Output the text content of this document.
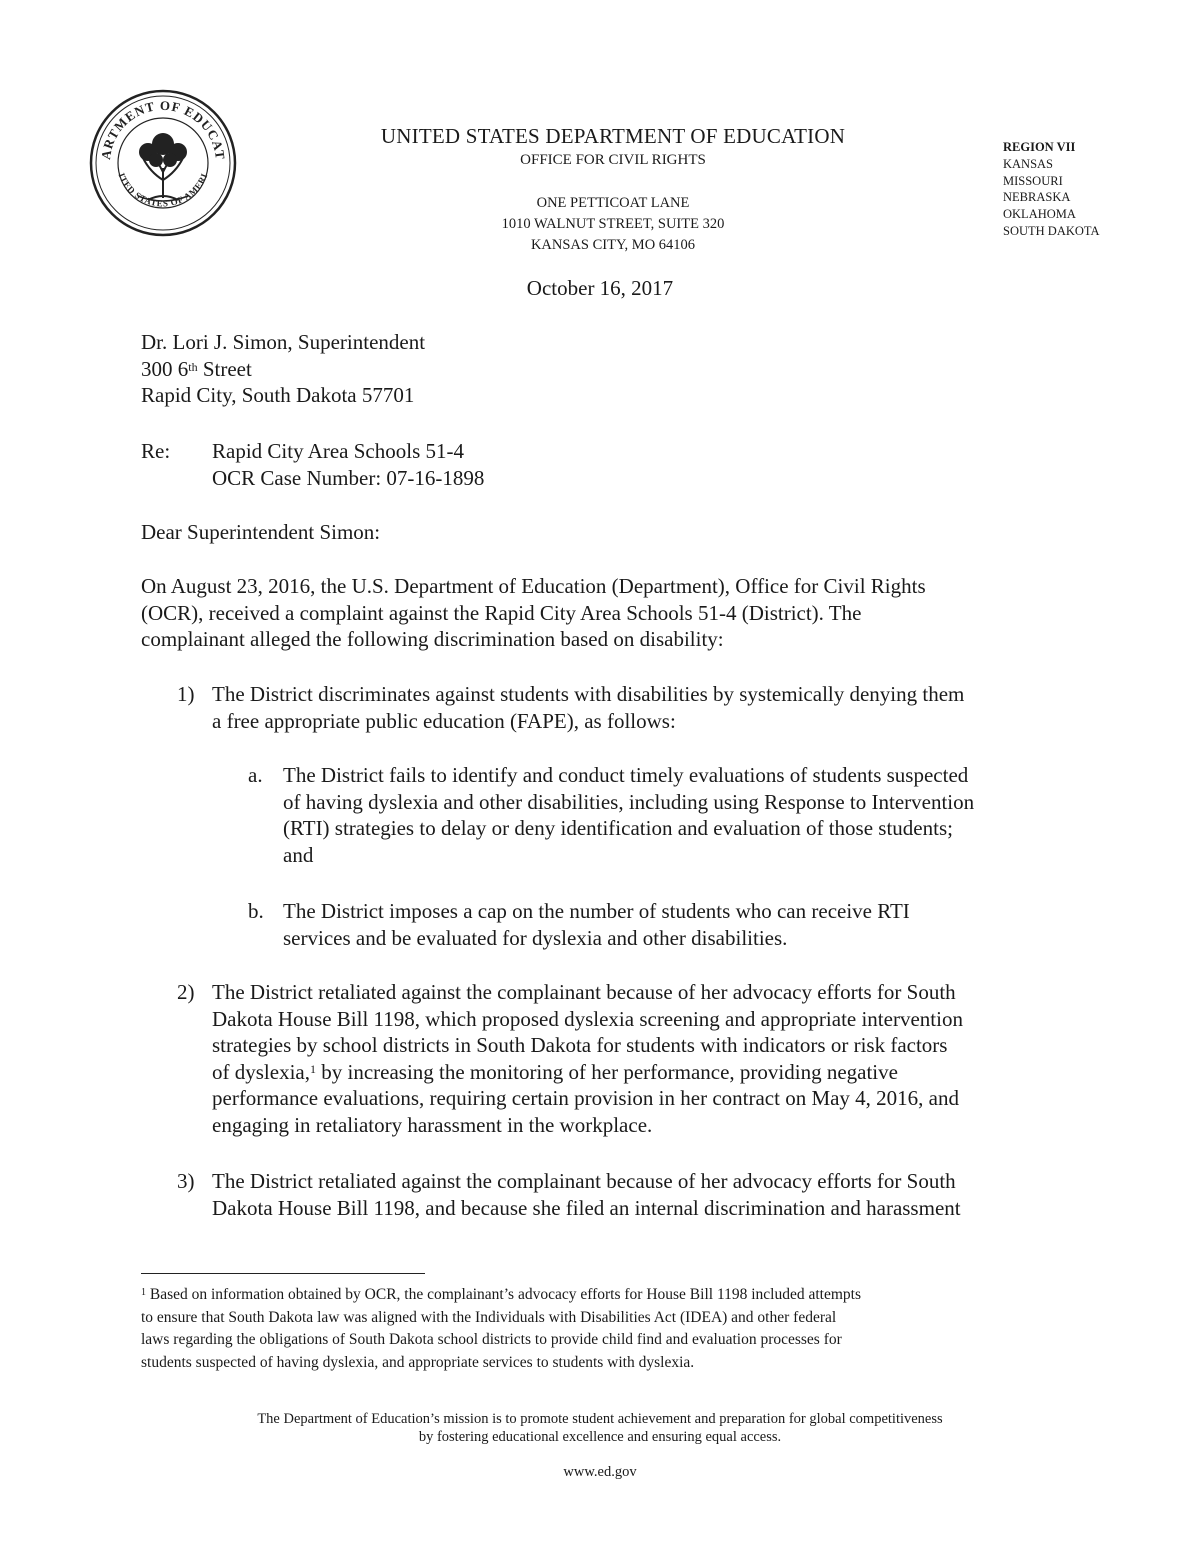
ARTMENT OF EDUCAT
ITED STATES OF AMERI
UNITED STATES DEPARTMENT OF EDUCATION
OFFICE FOR CIVIL RIGHTS
ONE PETTICOAT LANE
1010 WALNUT STREET, SUITE 320
KANSAS CITY, MO 64106
REGION VII
KANSAS
MISSOURI
NEBRASKA
OKLAHOMA
SOUTH DAKOTA
October 16, 2017
Dr. Lori J. Simon, Superintendent
300 6th Street
Rapid City, South Dakota 57701
Re: Rapid City Area Schools 51-4
OCR Case Number: 07-16-1898
Dear Superintendent Simon:
On August 23, 2016, the U.S. Department of Education (Department), Office for Civil Rights
(OCR), received a complaint against the Rapid City Area Schools 51-4 (District). The
complainant alleged the following discrimination based on disability:
1) The District discriminates against students with disabilities by systemically denying them
a free appropriate public education (FAPE), as follows:
a. The District fails to identify and conduct timely evaluations of students suspected
of having dyslexia and other disabilities, including using Response to Intervention
(RTI) strategies to delay or deny identification and evaluation of those students;
and
b. The District imposes a cap on the number of students who can receive RTI
services and be evaluated for dyslexia and other disabilities.
2) The District retaliated against the complainant because of her advocacy efforts for South
Dakota House Bill 1198, which proposed dyslexia screening and appropriate intervention
strategies by school districts in South Dakota for students with indicators or risk factors
of dyslexia,$^1$ by increasing the monitoring of her performance, providing negative
performance evaluations, requiring certain provision in her contract on May 4, 2016, and
engaging in retaliatory harassment in the workplace.
3) The District retaliated against the complainant because of her advocacy efforts for South
Dakota House Bill 1198, and because she filed an internal discrimination and harassment
$^1$ Based on information obtained by OCR, the complainant’s advocacy efforts for House Bill 1198 included attempts
to ensure that South Dakota law was aligned with the Individuals with Disabilities Act (IDEA) and other federal
laws regarding the obligations of South Dakota school districts to provide child find and evaluation processes for
students suspected of having dyslexia, and appropriate services to students with dyslexia.
The Department of Education’s mission is to promote student achievement and preparation for global competitiveness
by fostering educational excellence and ensuring equal access.
www.ed.gov
